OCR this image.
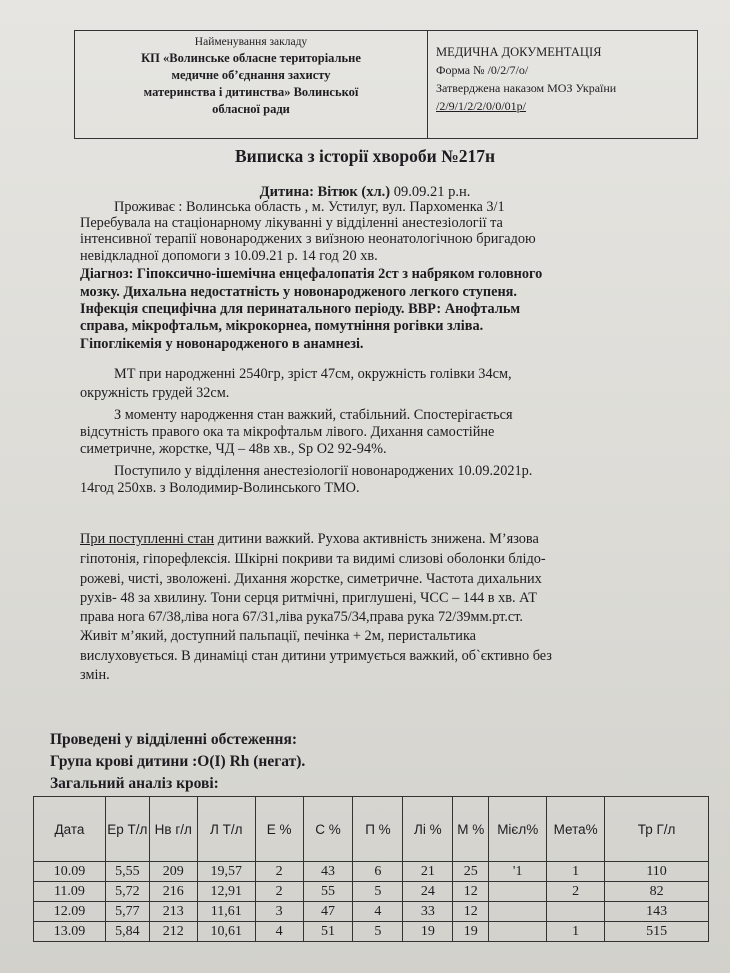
Найменування закладу
КП «Волинське обласне територіальне
медичне об’єднання захисту
материнства і дитинства» Волинської
обласної ради
МЕДИЧНА ДОКУМЕНТАЦІЯ
Форма № /0/2/7/о/
Затверджена наказом МОЗ України
/2/9/1/2/2/0/0/01р/
Виписка з історії хвороби №217н
Дитина: Вітюк (хл.) 09.09.21 р.н.
Проживає : Волинська область , м. Устилуг, вул. Пархоменка 3/1
Перебувала на стаціонарному лікуванні у відділенні анестезіології та
інтенсивної терапії новонароджених з виїзною неонатологічною бригадою
невідкладної допомоги з 10.09.21 р. 14 год 20 хв.
Діагноз: Гіпоксично-ішемічна енцефалопатія 2ст з набряком головного
мозку. Дихальна недостатність у новонародженого легкого ступеня.
Інфекція специфічна для перинатального періоду. ВВР: Анофтальм
справа, мікрофтальм, мікрокорнеа, помутніння рогівки зліва.
Гіпоглікемія у новонародженого в анамнезі.
МТ при народженні 2540гр, зріст 47см, окружність голівки 34см,
окружність грудей 32см.
З моменту народження стан важкий, стабільний. Спостерігається
відсутність правого ока та мікрофтальм лівого. Дихання самостійне
симетричне, жорстке, ЧД – 48в хв., Sp O2 92-94%.
Поступило у відділення анестезіології новонароджених 10.09.2021р.
14год 250хв. з Володимир-Волинського ТМО.
При поступленні стан дитини важкий. Рухова активність знижена. М’язова
гіпотонія, гіпорефлексія. Шкірні покриви та видимі слизові оболонки блідо-
рожеві, чисті, зволожені. Дихання жорстке, симетричне. Частота дихальних
рухів- 48 за хвилину. Тони серця ритмічні, приглушені, ЧСС – 144 в хв. АТ
права нога 67/38,ліва нога 67/31,ліва рука75/34,права рука 72/39мм.рт.ст.
Живіт м’який, доступний пальпації, печінка + 2м, перистальтика
вислуховується. В динаміці стан дитини утримується важкий, об`єктивно без
змін.
Проведені у відділенні обстеження:
Група крові дитини :О(І) Rh (негат).
Загальний аналіз крові:
Дата	Ер Т/л	Нв г/л	Л Т/л	Е %	С %	П %	Лі %	М %	Мієл%	Мета%	Тр Г/л
10.09	5,55	209	19,57	2	43	6	21	25	'1	1	110
11.09	5,72	216	12,91	2	55	5	24	12		2	82
12.09	5,77	213	11,61	3	47	4	33	12			143
13.09	5,84	212	10,61	4	51	5	19	19		1	515
